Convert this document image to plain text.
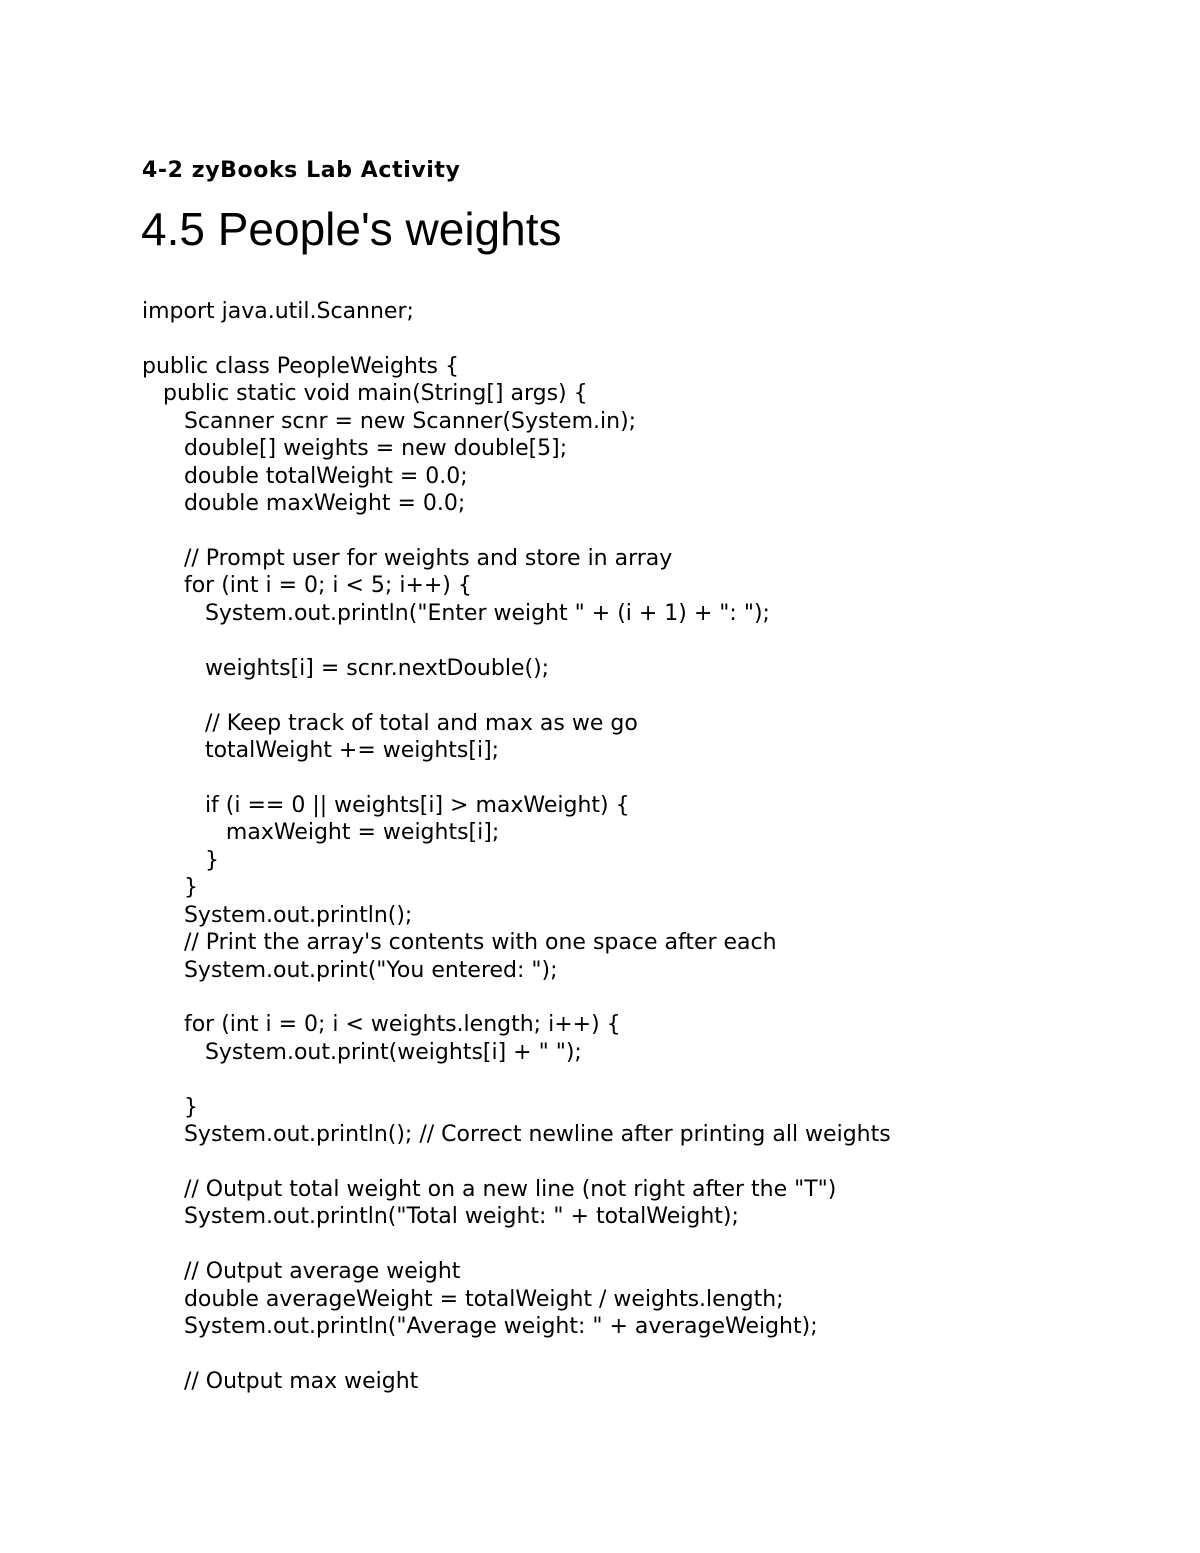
4-2 zyBooks Lab Activity
4.5 People's weights
import java.util.Scanner;
public class PeopleWeights {
public static void main(String[] args) {
Scanner scnr = new Scanner(System.in);
double[] weights = new double[5];
double totalWeight = 0.0;
double maxWeight = 0.0;
// Prompt user for weights and store in array
for (int i = 0; i < 5; i++) {
System.out.println("Enter weight " + (i + 1) + ": ");
weights[i] = scnr.nextDouble();
// Keep track of total and max as we go
totalWeight += weights[i];
if (i == 0 || weights[i] > maxWeight) {
maxWeight = weights[i];
}
}
System.out.println();
// Print the array's contents with one space after each
System.out.print("You entered: ");
for (int i = 0; i < weights.length; i++) {
System.out.print(weights[i] + " ");
}
System.out.println(); // Correct newline after printing all weights
// Output total weight on a new line (not right after the "T")
System.out.println("Total weight: " + totalWeight);
// Output average weight
double averageWeight = totalWeight / weights.length;
System.out.println("Average weight: " + averageWeight);
// Output max weight
